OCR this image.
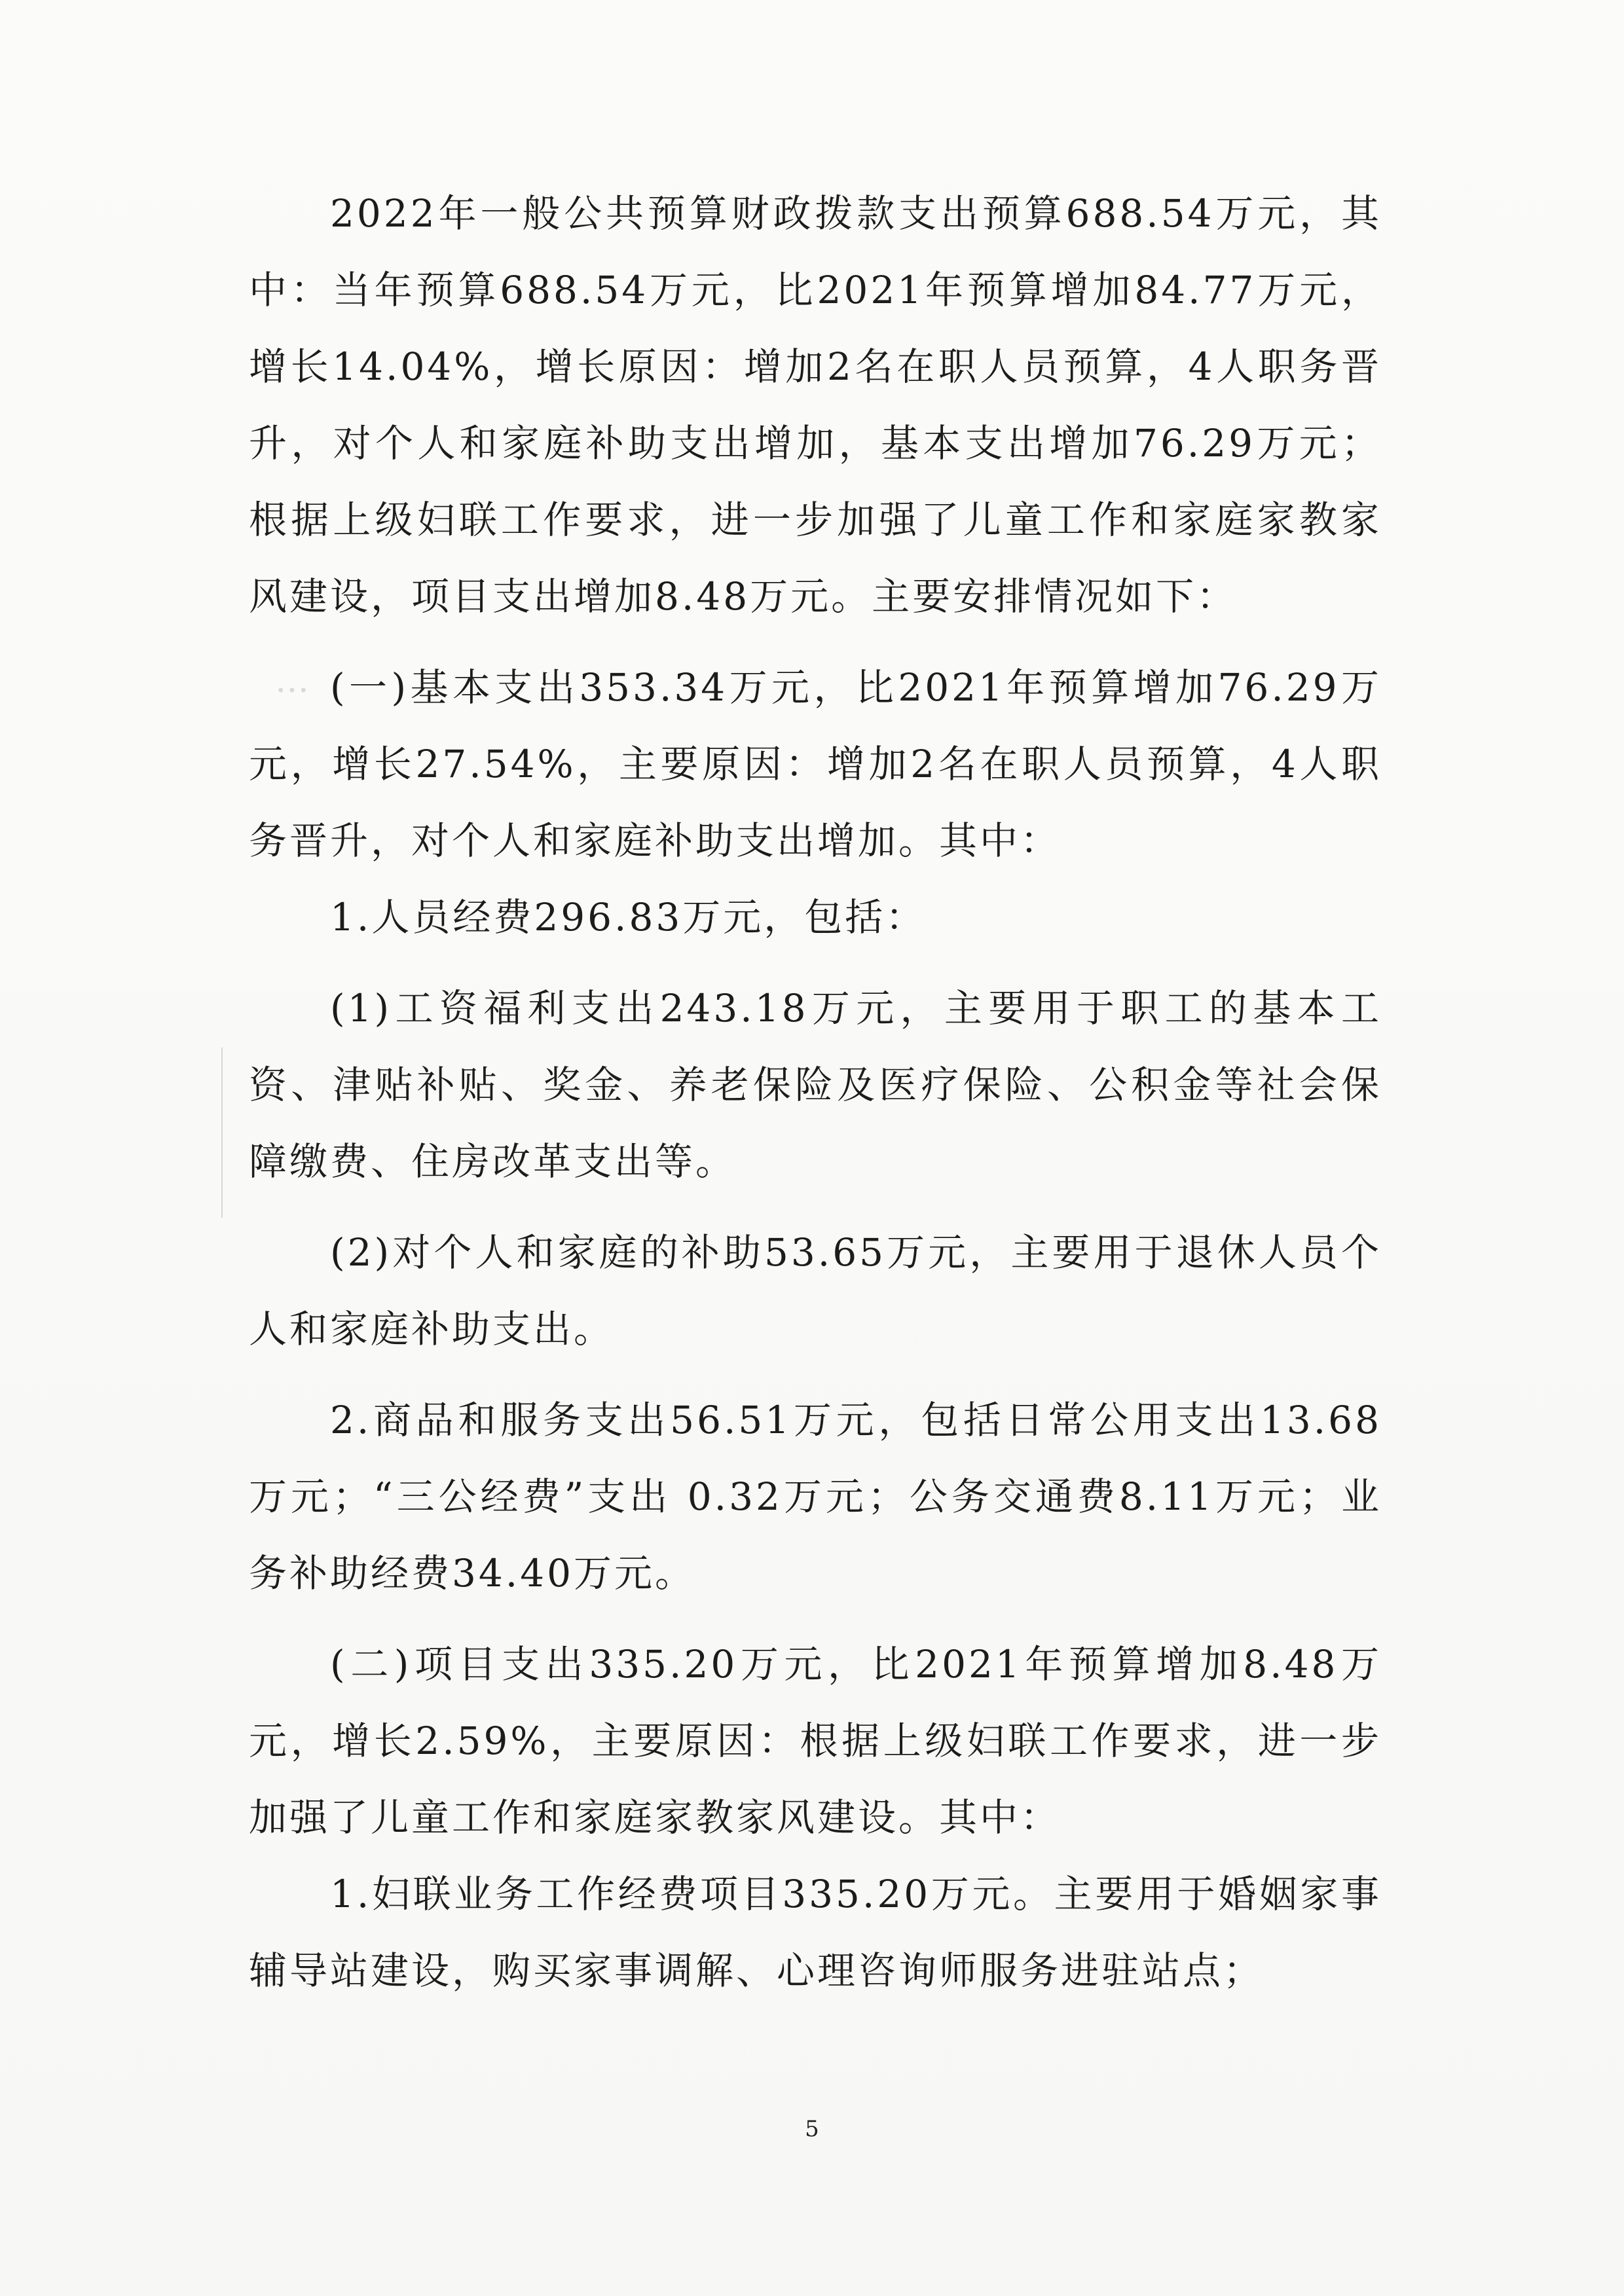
…

2022年一般公共预算财政拨款支出预算688.54万元，其中：当年预算688.54万元，比2021年预算增加84.77万元，增长14.04%，增长原因：增加2名在职人员预算，4人职务晋升，对个人和家庭补助支出增加，基本支出增加76.29万元；根据上级妇联工作要求，进一步加强了儿童工作和家庭家教家风建设，项目支出增加8.48万元。主要安排情况如下：

(一)基本支出353.34万元，比2021年预算增加76.29万元，增长27.54%，主要原因：增加2名在职人员预算，4人职务晋升，对个人和家庭补助支出增加。其中：

1.人员经费296.83万元，包括：

(1)工资福利支出243.18万元，主要用于职工的基本工资、津贴补贴、奖金、养老保险及医疗保险、公积金等社会保障缴费、住房改革支出等。

(2)对个人和家庭的补助53.65万元，主要用于退休人员个人和家庭补助支出。

2.商品和服务支出56.51万元，包括日常公用支出13.68万元；“三公经费”支出 0.32万元；公务交通费8.11万元；业务补助经费34.40万元。

(二)项目支出335.20万元，比2021年预算增加8.48万元，增长2.59%，主要原因：根据上级妇联工作要求，进一步加强了儿童工作和家庭家教家风建设。其中：

1.妇联业务工作经费项目335.20万元。主要用于婚姻家事辅导站建设，购买家事调解、心理咨询师服务进驻站点；

5
